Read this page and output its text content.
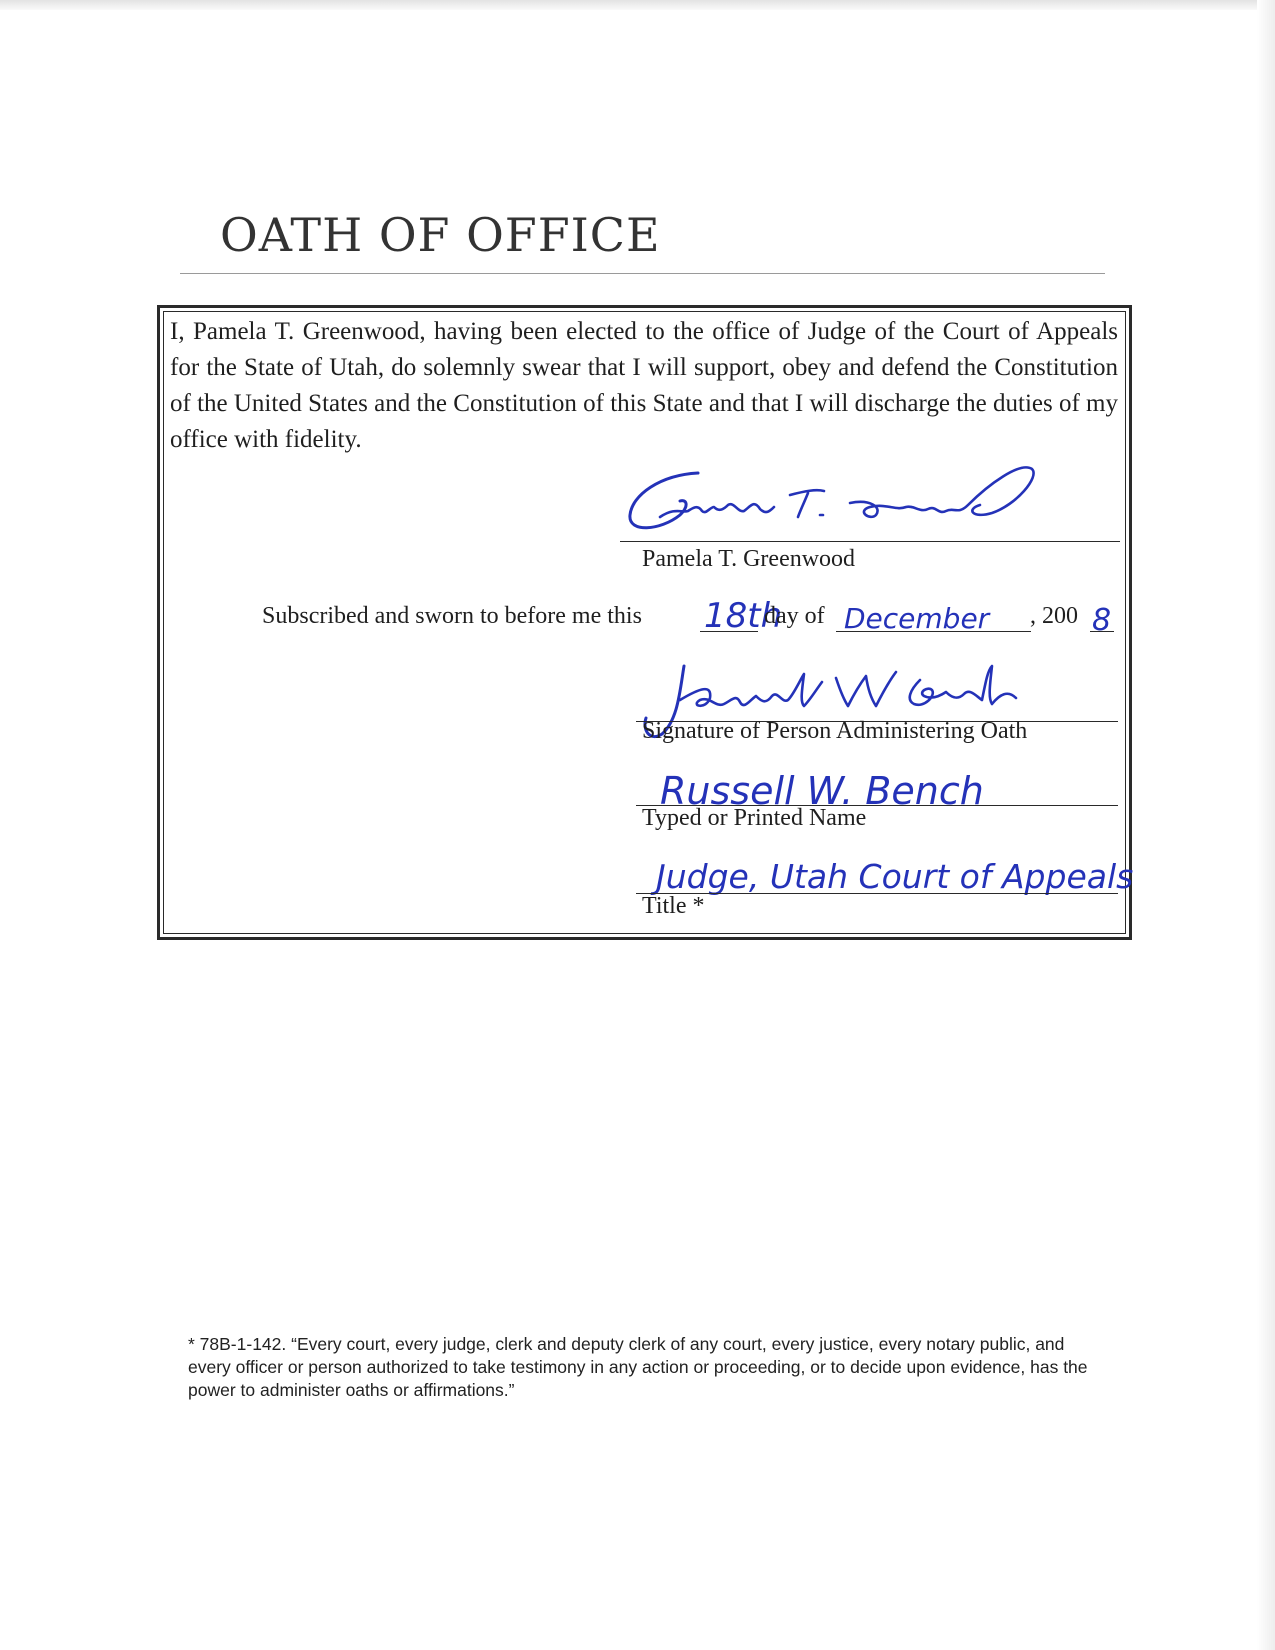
OATH OF OFFICE

I, Pamela T. Greenwood, having been elected to the office of Judge of the Court of Appeals for the State of Utah, do solemnly swear that I will support, obey and defend the Constitution of the United States and the Constitution of this State and that I will discharge the duties of my office with fidelity.

Pamela T. Greenwood
Subscribed and sworn to before me this 18th
day of December , 200 8
Signature of Person Administering Oath
Russell W. Bench
Typed or Printed Name
Judge, Utah Court of Appeals
Title *

* 78B-1-142. “Every court, every judge, clerk and deputy clerk of any court, every justice, every notary public, and every officer or person authorized to take testimony in any action or proceeding, or to decide upon evidence, has the power to administer oaths or affirmations.”
